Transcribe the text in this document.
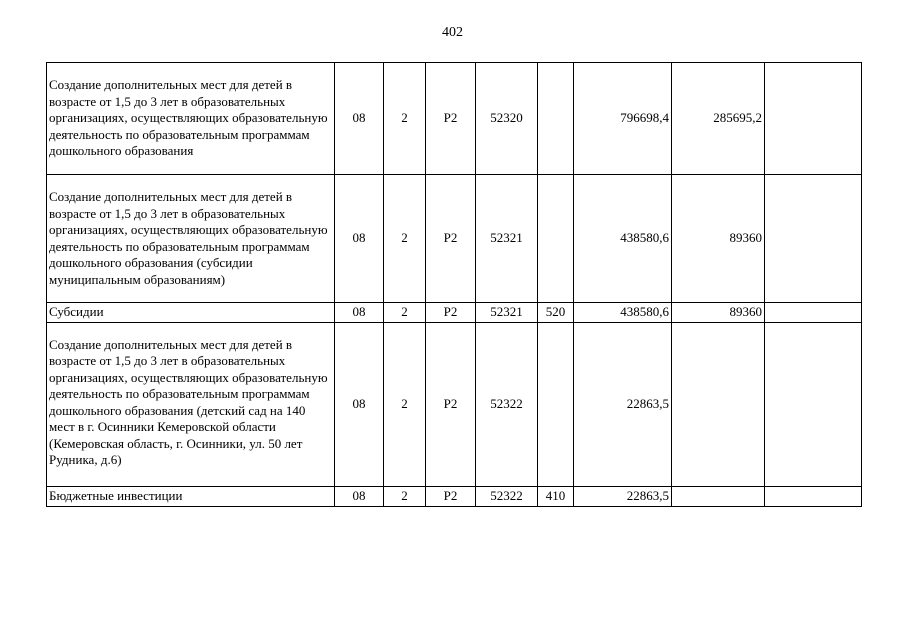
402
Создание дополнительных мест для детей в возрасте от 1,5 до 3 лет в образовательных организациях, осуществляющих образовательную деятельность по образовательным программам дошкольного образования	08	2	P2	52320		796698,4	285695,2	
Создание дополнительных мест для детей в возрасте от 1,5 до 3 лет в образовательных организациях, осуществляющих образовательную деятельность по образовательным программам дошкольного образования (субсидии муниципальным образованиям)	08	2	P2	52321		438580,6	89360	
Субсидии	08	2	P2	52321	520	438580,6	89360	
Создание дополнительных мест для детей в возрасте от 1,5 до 3 лет в образовательных организациях, осуществляющих образовательную деятельность по образовательным программам дошкольного образования (детский сад на 140 мест в г. Осинники Кемеровской области (Кемеровская область, г. Осинники, ул. 50 лет Рудника, д.6)	08	2	P2	52322		22863,5		
Бюджетные инвестиции	08	2	P2	52322	410	22863,5		
